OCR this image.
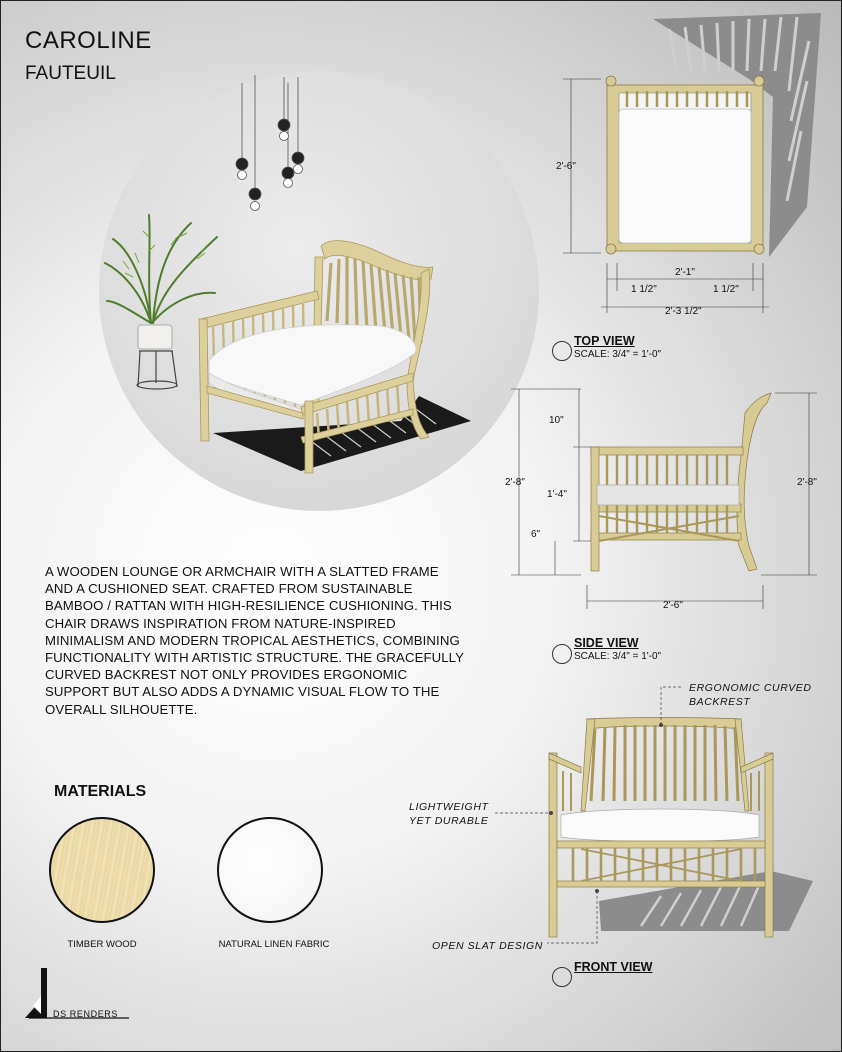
CAROLINE
FAUTEUIL
A WOODEN LOUNGE OR ARMCHAIR WITH A SLATTED FRAME AND A CUSHIONED SEAT. CRAFTED FROM SUSTAINABLE BAMBOO / RATTAN WITH HIGH-RESILIENCE CUSHIONING. THIS CHAIR DRAWS INSPIRATION FROM NATURE-INSPIRED MINIMALISM AND MODERN TROPICAL AESTHETICS, COMBINING FUNCTIONALITY WITH ARTISTIC STRUCTURE. THE GRACEFULLY CURVED BACKREST NOT ONLY PROVIDES ERGONOMIC SUPPORT BUT ALSO ADDS A DYNAMIC VISUAL FLOW TO THE OVERALL SILHOUETTE.
MATERIALS
TIMBER WOOD	NATURAL LINEN FABRIC
DS RENDERS
2'-6"
2'-1"
1 1/2"	1 1/2"
2'-3 1/2"
TOP VIEW
SCALE: 3/4" = 1'-0"
10"
2'-8"
1'-4"
6"
2'-8"
2'-6"
SIDE VIEW
SCALE: 3/4" = 1'-0"
ERGONOMIC CURVED
BACKREST
LIGHTWEIGHT
YET DURABLE
OPEN SLAT DESIGN
FRONT VIEW
